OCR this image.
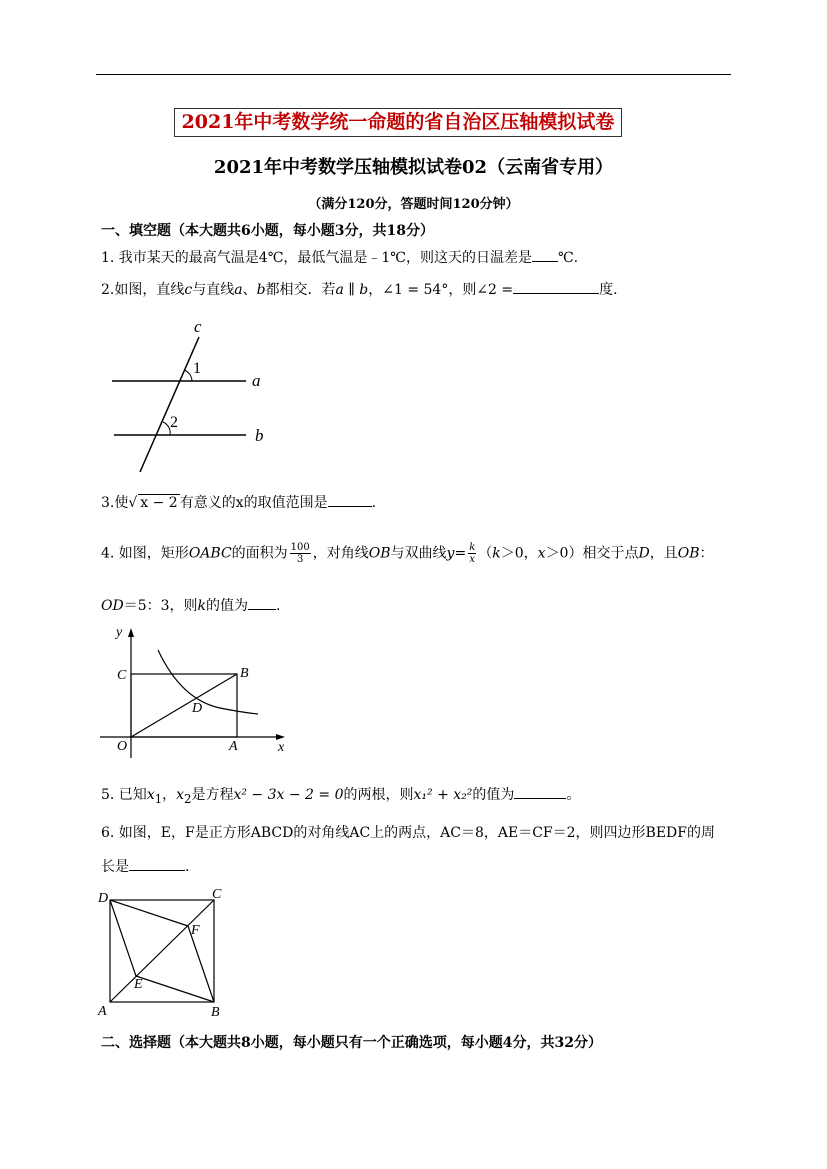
2021年中考数学统一命题的省自治区压轴模拟试卷
2021年中考数学压轴模拟试卷02（云南省专用）
（满分120分，答题时间120分钟）
一、填空题（本大题共6小题，每小题3分，共18分）
1. 我市某天的最高气温是4℃，最低气温是﹣1℃，则这天的日温差是 ℃.
2.如图，直线c与直线a、b都相交．若a ∥ b，∠1 = 54°，则∠2 =	度.
c
a
b
1
2
3.使√ x − 2 有意义的x的取值范围是	.
4. 如图，矩形OABC的面积为 $\frac{100}{3}$ ，对角线OB与双曲线$y= \frac{k}{x} (k>0$，x＞0）相交于点D，且OB：
OD＝5：3，则k的值为 .
y
x
C	B
D
O	A
5. 已知$x_1$，$x_2$是方程x² − 3x − 2 = 0的两根，则x₁² + x₂²的值为	。
6. 如图，E，F是正方形ABCD的对角线AC上的两点，AC＝8，AE＝CF＝2，则四边形BEDF的周
长是	.
D	C
F
E
A	B
二、选择题（本大题共8小题，每小题只有一个正确选项，每小题4分，共32分）
